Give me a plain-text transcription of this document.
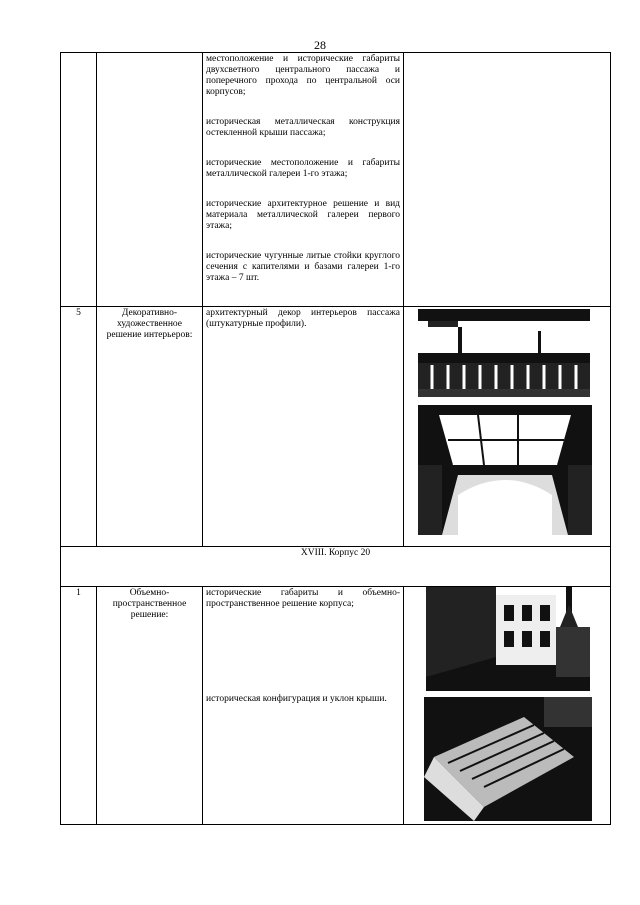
28

		местоположение и исторические габариты двухсветного центрального пассажа и поперечного прохода по центральной оси корпусов;

историческая металлическая конструкция остекленной крыши пассажа;

исторические местоположение и габариты металлической галереи 1-го этажа;

исторические архитектурное решение и вид материала металлической галереи первого этажа;

исторические чугунные литые стойки круглого сечения с капителями и базами галереи 1-го этажа – 7 шт.	

5	Декоративно-художественное решение интерьеров:	архитектурный декор интерьеров пассажа (штукатурные профили).

XVIII. Корпус 20			
1	Объемно-пространственное решение:	исторические габариты и объемно-пространственное решение корпуса;

историческая конфигурация и уклон крыши.
